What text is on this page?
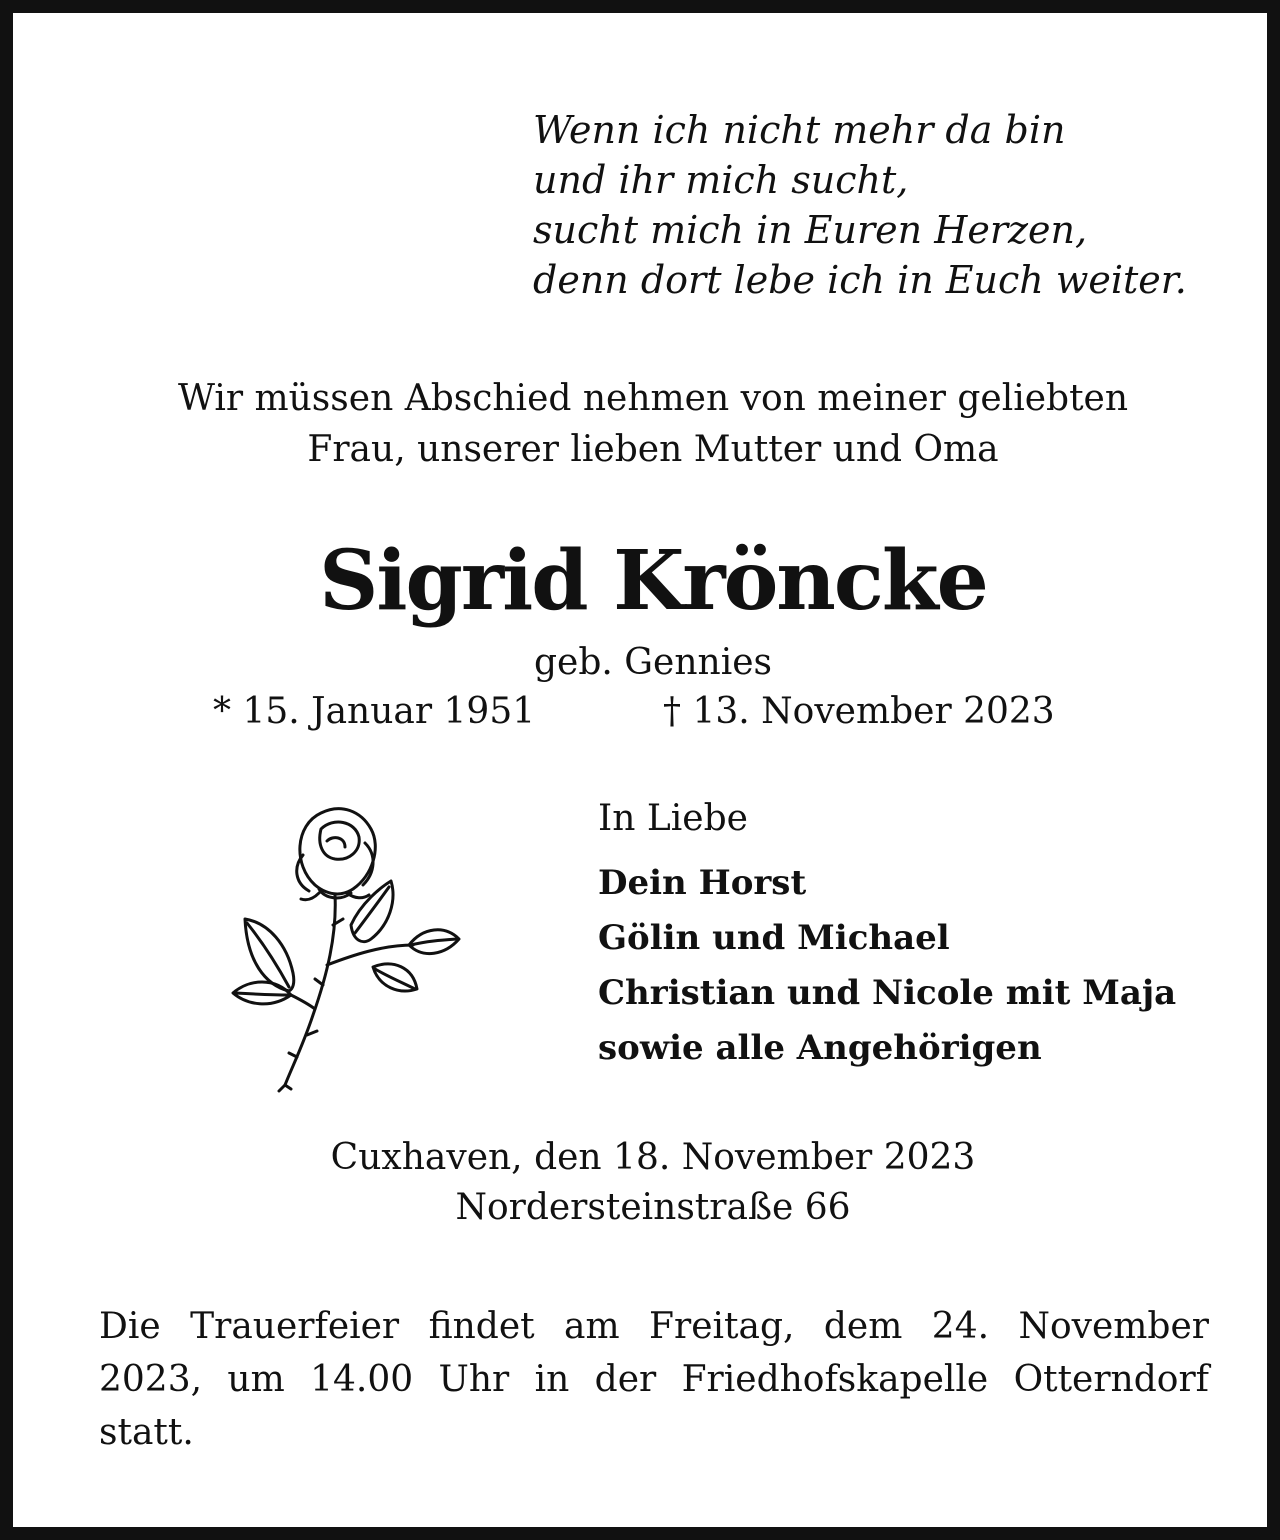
Wenn ich nicht mehr da bin
und ihr mich sucht,
sucht mich in Euren Herzen,
denn dort lebe ich in Euch weiter.
Wir müssen Abschied nehmen von meiner geliebten
Frau, unserer lieben Mutter und Oma
Sigrid Kröncke
geb. Gennies
* 15. Januar 1951	† 13. November 2023
In Liebe
Dein Horst
Gölin und Michael
Christian und Nicole mit Maja
sowie alle Angehörigen
Cuxhaven, den 18. November 2023
Nordersteinstraße 66
Die Trauerfeier findet am Freitag, dem 24. November 2023, um 14.00 Uhr in der Friedhofskapelle Otterndorf statt.
